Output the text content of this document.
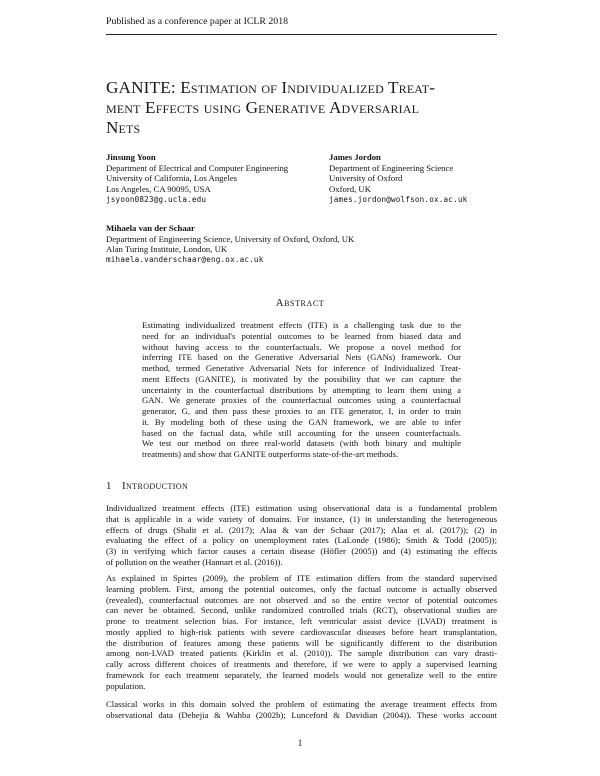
Published as a conference paper at ICLR 2018
GANITE: Estimation of Individualized Treat-
ment Effects using Generative Adversarial
Nets
Jinsung Yoon
Department of Electrical and Computer Engineering
University of California, Los Angeles
Los Angeles, CA 90095, USA
jsyoon0823@g.ucla.edu
James Jordon
Department of Engineering Science
University of Oxford
Oxford, UK
james.jordon@wolfson.ox.ac.uk
Mihaela van der Schaar
Department of Engineering Science, University of Oxford, Oxford, UK
Alan Turing Institute, London, UK
mihaela.vanderschaar@eng.ox.ac.uk
Abstract
Estimating individualized treatment effects (ITE) is a challenging task due to the
need for an individual's potential outcomes to be learned from biased data and
without having access to the counterfactuals. We propose a novel method for
inferring ITE based on the Generative Adversarial Nets (GANs) framework. Our
method, termed Generative Adversarial Nets for inference of Individualized Treat-
ment Effects (GANITE), is motivated by the possibility that we can capture the
uncertainty in the counterfactual distributions by attempting to learn them using a
GAN. We generate proxies of the counterfactual outcomes using a counterfactual
generator, G, and then pass these proxies to an ITE generator, I, in order to train
it. By modeling both of these using the GAN framework, we are able to infer
based on the factual data, while still accounting for the unseen counterfactuals.
We test our method on three real-world datasets (with both binary and multiple
treatments) and show that GANITE outperforms state-of-the-art methods.
1 Introduction
Individualized treatment effects (ITE) estimation using observational data is a fundamental problem
that is applicable in a wide variety of domains. For instance, (1) in understanding the heterogeneous
effects of drugs (Shalit et al. (2017); Alaa & van der Schaar (2017); Alaa et al. (2017)); (2) in
evaluating the effect of a policy on unemployment rates (LaLonde (1986); Smith & Todd (2005));
(3) in verifying which factor causes a certain disease (Höfler (2005)) and (4) estimating the effects
of pollution on the weather (Hannart et al. (2016)).
As explained in Spirtes (2009), the problem of ITE estimation differs from the standard supervised
learning problem. First, among the potential outcomes, only the factual outcome is actually observed
(revealed), counterfactual outcomes are not observed and so the entire vector of potential outcomes
can never be obtained. Second, unlike randomized controlled trials (RCT), observational studies are
prone to treatment selection bias. For instance, left ventricular assist device (LVAD) treatment is
mostly applied to high-risk patients with severe cardiovascular diseases before heart transplantation,
the distribution of features among these patients will be significantly different to the distribution
among non-LVAD treated patients (Kirklin et al. (2010)). The sample distribution can vary drasti-
cally across different choices of treatments and therefore, if we were to apply a supervised learning
framework for each treatment separately, the learned models would not generalize well to the entire
population.
Classical works in this domain solved the problem of estimating the average treatment effects from
observational data (Dehejia & Wahba (2002b); Lunceford & Davidian (2004)). These works account
1
